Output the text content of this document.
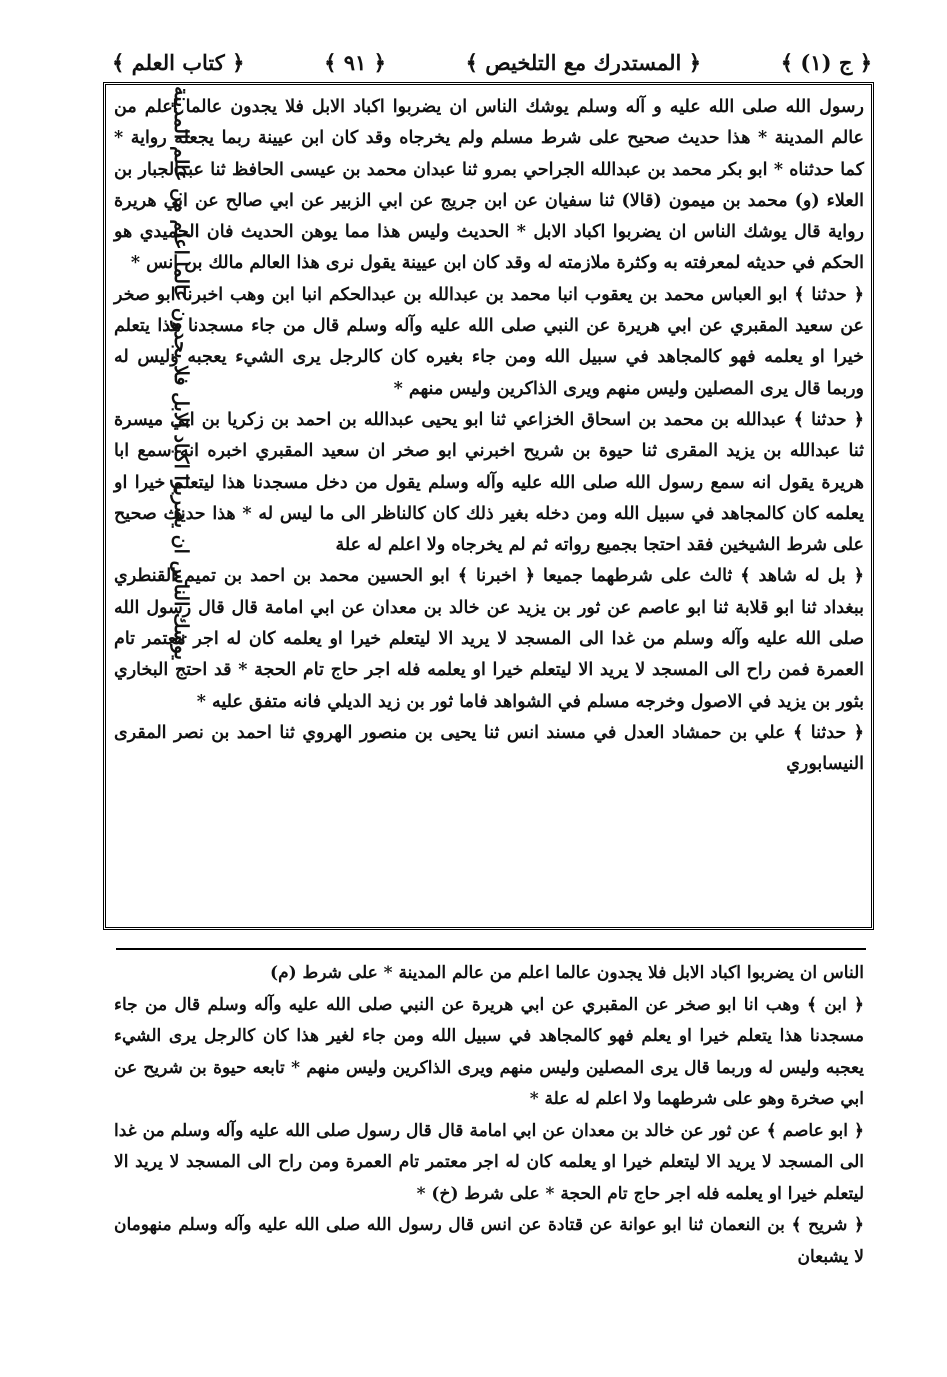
﴿ ج (١) ﴾
﴿ المستدرك مع التلخيص ﴾
﴿ ٩١ ﴾
﴿ كتاب العلم ﴾
يوشك الناس ان يضربوا اكباد الابل فلا يجدون عالما اعلم من عالم المدينة

رسول الله صلى الله عليه و آله وسلم يوشك الناس ان يضربوا اكباد الابل فلا يجدون عالما اعلم من عالم المدينة * هذا حديث صحيح على شرط مسلم ولم يخرجاه وقد كان ابن عيينة ربما يجعله رواية * كما حدثناه * ابو بكر محمد بن عبدالله الجراحي بمرو ثنا عبدان محمد بن عيسى الحافظ ثنا عبدالجبار بن العلاء (و) محمد بن ميمون (قالا) ثنا سفيان عن ابن جريج عن ابي الزبير عن ابي صالح عن ابي هريرة رواية قال يوشك الناس ان يضربوا اكباد الابل * الحديث وليس هذا مما يوهن الحديث فان الحميدي هو الحكم في حديثه لمعرفته به وكثرة ملازمته له وقد كان ابن عيينة يقول نرى هذا العالم مالك بن انس *

﴿ حدثنا ﴾ ابو العباس محمد بن يعقوب انبا محمد بن عبدالله بن عبدالحكم انبا ابن وهب اخبرنا ابو صخر عن سعيد المقبري عن ابي هريرة عن النبي صلى الله عليه وآله وسلم قال من جاء مسجدنا هذا يتعلم خيرا او يعلمه فهو كالمجاهد في سبيل الله ومن جاء بغيره كان كالرجل يرى الشيء يعجبه وليس له وربما قال يرى المصلين وليس منهم ويرى الذاكرين وليس منهم *

﴿ حدثنا ﴾ عبدالله بن محمد بن اسحاق الخزاعي ثنا ابو يحيى عبدالله بن احمد بن زكريا بن ابي ميسرة ثنا عبدالله بن يزيد المقرى ثنا حيوة بن شريح اخبرني ابو صخر ان سعيد المقبري اخبره انه سمع ابا هريرة يقول انه سمع رسول الله صلى الله عليه وآله وسلم يقول من دخل مسجدنا هذا ليتعلم خيرا او يعلمه كان كالمجاهد في سبيل الله ومن دخله بغير ذلك كان كالناظر الى ما ليس له * هذا حديث صحيح على شرط الشيخين فقد احتجا بجميع رواته ثم لم يخرجاه ولا اعلم له علة

﴿ بل له شاهد ﴾ ثالث على شرطهما جميعا ﴿ اخبرنا ﴾ ابو الحسين محمد بن احمد بن تميم القنطري ببغداد ثنا ابو قلابة ثنا ابو عاصم عن ثور بن يزيد عن خالد بن معدان عن ابي امامة قال قال رسول الله صلى الله عليه وآله وسلم من غدا الى المسجد لا يريد الا ليتعلم خيرا او يعلمه كان له اجر معتمر تام العمرة فمن راح الى المسجد لا يريد الا ليتعلم خيرا او يعلمه فله اجر حاج تام الحجة * قد احتج البخاري بثور بن يزيد في الاصول وخرجه مسلم في الشواهد فاما ثور بن زيد الديلي فانه متفق عليه *

﴿ حدثنا ﴾ علي بن حمشاد العدل في مسند انس ثنا يحيى بن منصور الهروي ثنا احمد بن نصر المقرى النيسابوري

الناس ان يضربوا اكباد الابل فلا يجدون عالما اعلم من عالم المدينة * على شرط (م)

﴿ ابن ﴾ وهب انا ابو صخر عن المقبري عن ابي هريرة عن النبي صلى الله عليه وآله وسلم قال من جاء مسجدنا هذا يتعلم خيرا او يعلم فهو كالمجاهد في سبيل الله ومن جاء لغير هذا كان كالرجل يرى الشيء يعجبه وليس له وربما قال يرى المصلين وليس منهم ويرى الذاكرين وليس منهم * تابعه حيوة بن شريح عن ابي صخرة وهو على شرطهما ولا اعلم له علة *

﴿ ابو عاصم ﴾ عن ثور عن خالد بن معدان عن ابي امامة قال قال رسول صلى الله عليه وآله وسلم من غدا الى المسجد لا يريد الا ليتعلم خيرا او يعلمه كان له اجر معتمر تام العمرة ومن راح الى المسجد لا يريد الا ليتعلم خيرا او يعلمه فله اجر حاج تام الحجة * على شرط (خ) *

﴿ شريح ﴾ بن النعمان ثنا ابو عوانة عن قتادة عن انس قال رسول الله صلى الله عليه وآله وسلم منهومان لا يشبعان
